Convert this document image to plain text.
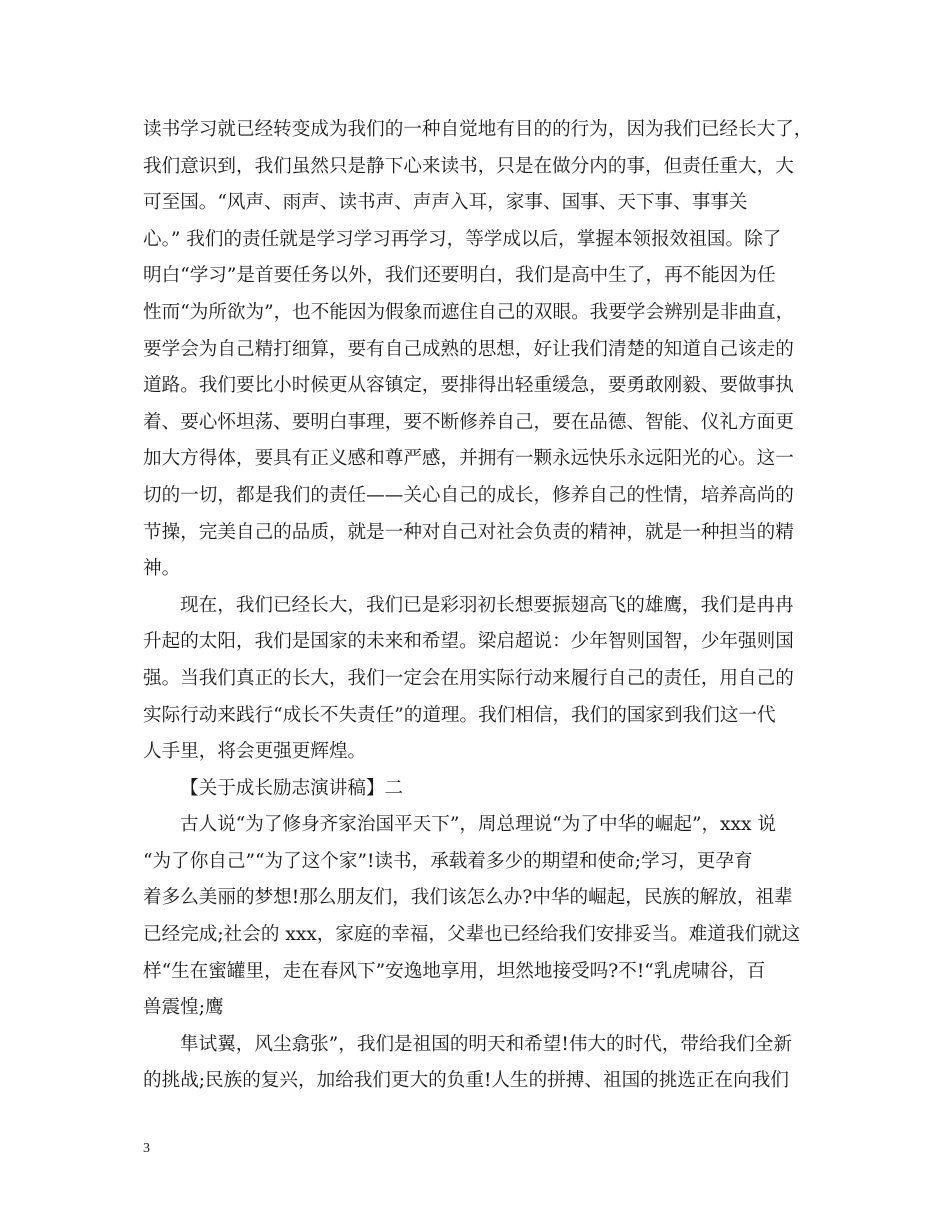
读书学习就已经转变成为我们的一种自觉地有目的的行为，因为我们已经长大了，
我们意识到，我们虽然只是静下心来读书，只是在做分内的事，但责任重大，大
可至国。“风声、雨声、读书声、声声入耳，家事、国事、天下事、事事关
心。” 我们的责任就是学习学习再学习，等学成以后，掌握本领报效祖国。除了
明白“学习”是首要任务以外，我们还要明白，我们是高中生了，再不能因为任
性而“为所欲为”，也不能因为假象而遮住自己的双眼。我要学会辨别是非曲直，
要学会为自己精打细算，要有自己成熟的思想，好让我们清楚的知道自己该走的
道路。我们要比小时候更从容镇定，要排得出轻重缓急，要勇敢刚毅、要做事执
着、要心怀坦荡、要明白事理，要不断修养自己，要在品德、智能、仪礼方面更
加大方得体，要具有正义感和尊严感，并拥有一颗永远快乐永远阳光的心。这一
切的一切，都是我们的责任——关心自己的成长，修养自己的性情，培养高尚的
节操，完美自己的品质，就是一种对自己对社会负责的精神，就是一种担当的精
神。
现在，我们已经长大，我们已是彩羽初长想要振翅高飞的雄鹰，我们是冉冉
升起的太阳，我们是国家的未来和希望。梁启超说：少年智则国智，少年强则国
强。当我们真正的长大，我们一定会在用实际行动来履行自己的责任，用自己的
实际行动来践行“成长不失责任”的道理。我们相信，我们的国家到我们这一代
人手里，将会更强更辉煌。
【关于成长励志演讲稿】二
古人说“为了修身齐家治国平天下”，周总理说“为了中华的崛起”，xxx 说
“为了你自己”“为了这个家”!读书，承载着多少的期望和使命;学习，更孕育
着多么美丽的梦想!那么朋友们，我们该怎么办?中华的崛起，民族的解放，祖辈
已经完成;社会的 xxx，家庭的幸福，父辈也已经给我们安排妥当。难道我们就这
样“生在蜜罐里，走在春风下”安逸地享用，坦然地接受吗?不!“乳虎啸谷，百
兽震惶;鹰
隼试翼，风尘翕张”，我们是祖国的明天和希望!伟大的时代，带给我们全新
的挑战;民族的复兴，加给我们更大的负重!人生的拼搏、祖国的挑选正在向我们
3
